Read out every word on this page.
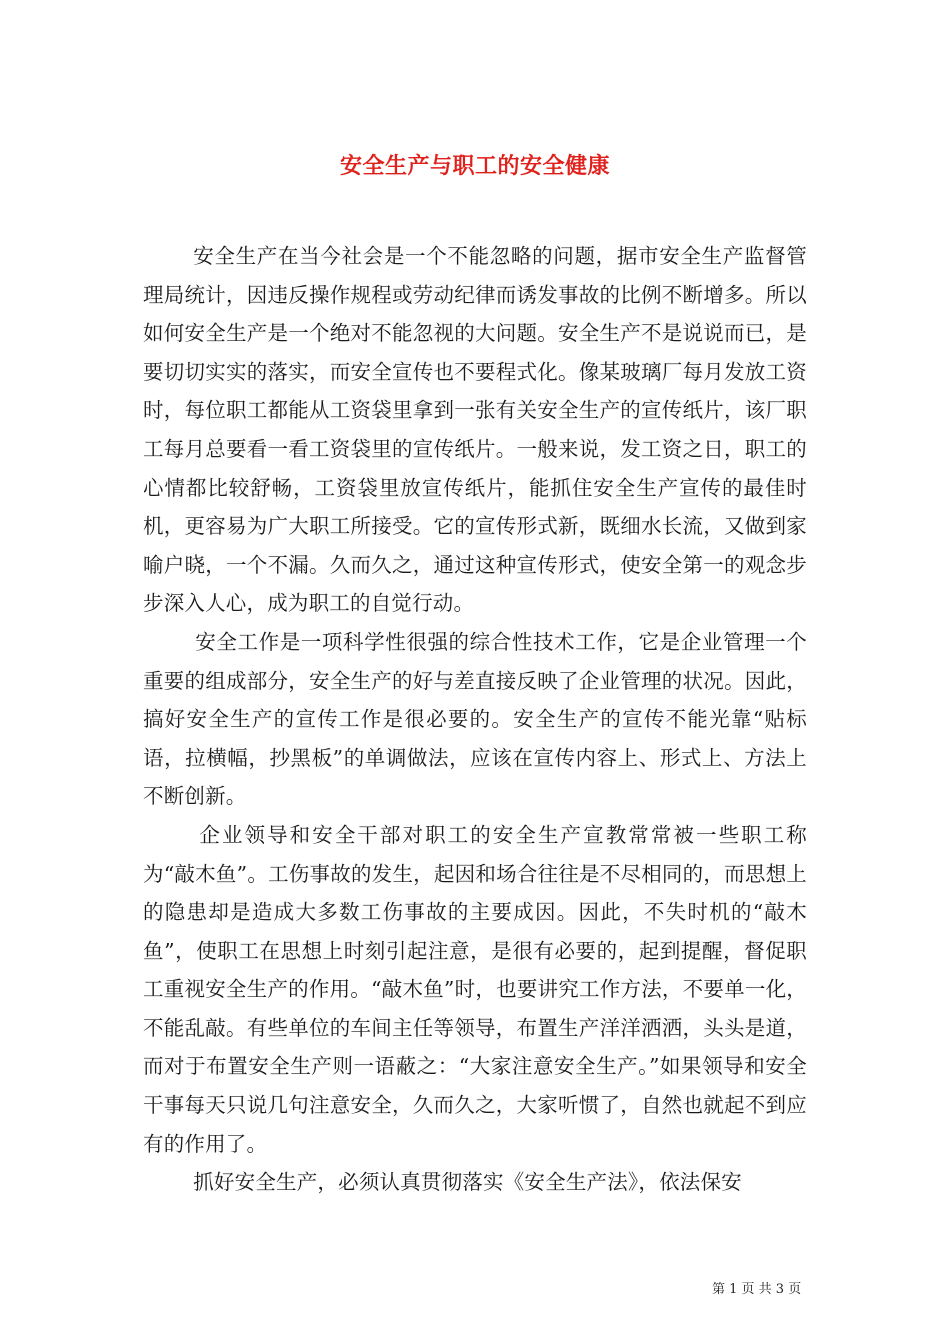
安全生产与职工的安全健康

安全生产在当今社会是一个不能忽略的问题，据市安全生产监督管理局统计，因违反操作规程或劳动纪律而诱发事故的比例不断增多。所以如何安全生产是一个绝对不能忽视的大问题。安全生产不是说说而已，是要切切实实的落实，而安全宣传也不要程式化。像某玻璃厂每月发放工资时，每位职工都能从工资袋里拿到一张有关安全生产的宣传纸片，该厂职工每月总要看一看工资袋里的宣传纸片。一般来说，发工资之日，职工的心情都比较舒畅，工资袋里放宣传纸片，能抓住安全生产宣传的最佳时机，更容易为广大职工所接受。它的宣传形式新，既细水长流，又做到家喻户晓，一个不漏。久而久之，通过这种宣传形式，使安全第一的观念步步深入人心，成为职工的自觉行动。

安全工作是一项科学性很强的综合性技术工作，它是企业管理一个重要的组成部分，安全生产的好与差直接反映了企业管理的状况。因此，搞好安全生产的宣传工作是很必要的。安全生产的宣传不能光靠“贴标语，拉横幅，抄黑板”的单调做法，应该在宣传内容上、形式上、方法上不断创新。

企业领导和安全干部对职工的安全生产宣教常常被一些职工称为“敲木鱼”。工伤事故的发生，起因和场合往往是不尽相同的，而思想上的隐患却是造成大多数工伤事故的主要成因。因此，不失时机的“敲木鱼”，使职工在思想上时刻引起注意，是很有必要的，起到提醒，督促职工重视安全生产的作用。“敲木鱼”时，也要讲究工作方法，不要单一化，不能乱敲。有些单位的车间主任等领导，布置生产洋洋洒洒，头头是道，而对于布置安全生产则一语蔽之：“大家注意安全生产。”如果领导和安全干事每天只说几句注意安全，久而久之，大家听惯了，自然也就起不到应有的作用了。

抓好安全生产，必须认真贯彻落实《安全生产法》，依法保安

第 1 页 共 3 页
